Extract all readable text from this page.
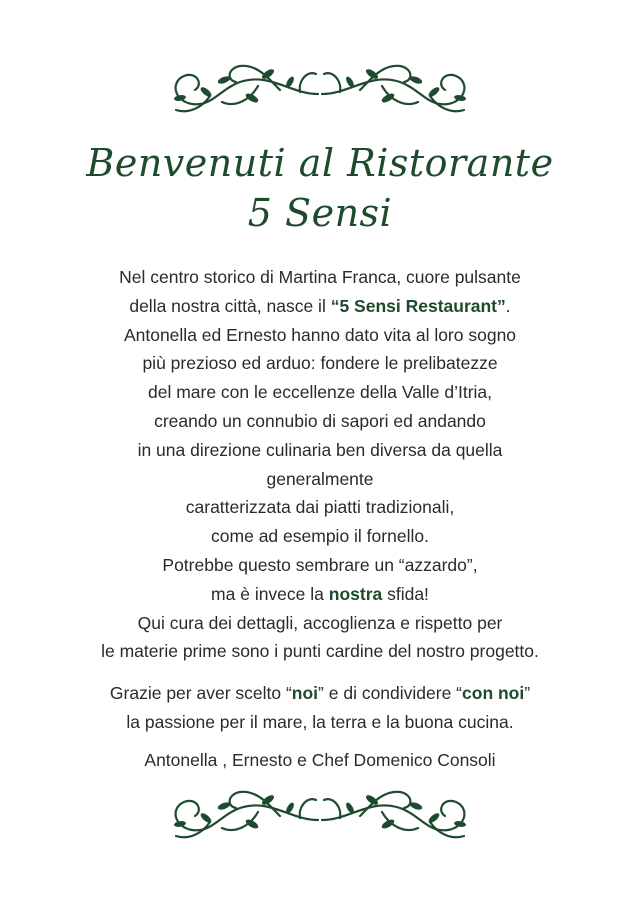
Benvenuti al Ristorante
5 Sensi
Nel centro storico di Martina Franca, cuore pulsante
della nostra città, nasce il “5 Sensi Restaurant”.
Antonella ed Ernesto hanno dato vita al loro sogno
più prezioso ed arduo: fondere le prelibatezze
del mare con le eccellenze della Valle d’Itria,
creando un connubio di sapori ed andando
in una direzione culinaria ben diversa da quella
generalmente
caratterizzata dai piatti tradizionali,
come ad esempio il fornello.
Potrebbe questo sembrare un “azzardo”,
ma è invece la nostra sfida!
Qui cura dei dettagli, accoglienza e rispetto per
le materie prime sono i punti cardine del nostro progetto.
Grazie per aver scelto “noi” e di condividere “con noi”
la passione per il mare, la terra e la buona cucina.
Antonella , Ernesto e Chef Domenico Consoli
